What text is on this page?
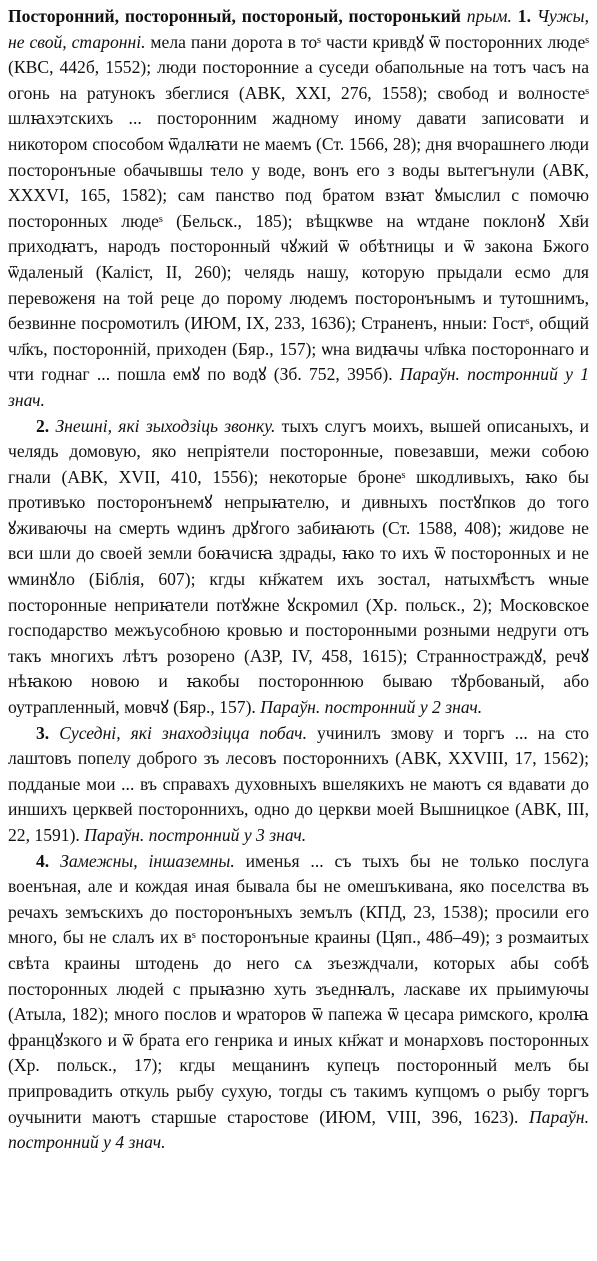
Посторонний, посторонный, постороный, посторонький прым. 1. Чужы, не свой, староннi. мела пани дорота в тоˢ части кривдꙋ ѿ посторонних людеˢ (КВС, 442б, 1552); люди посторонние а суседи обапольные на тотъ часъ на огонь на ратунокъ збеглися (АВК, XXI, 276, 1558); свобод и волностеˢ шлꙗхэтскихъ ... посторонним жадному иному давати записовати и никотором способом ѿдалꙗти не маемъ (Ст. 1566, 28); дня вчорашнего люди посторонъные обачывшы тело у воде, вонъ его з воды вытегънули (АВК, XXXVI, 165, 1582); сам панство под братом взꙗт ꙋмыслил с помочю посторонных людеˢ (Бельск., 185); вѣщкѡве на ѡтдане поклонꙋ Хв҃и приходꙗтъ, народъ посторонный чꙋжий ѿ обѣтницы и ѿ закона Бжого ѿдаленый (Калiст, II, 260); челядь нашу, которую прыдали есмо для перевоженя на той реце до порому людемъ посторонънымъ и тутошнимъ, безвинне посромотилъ (ИЮМ, IX, 233, 1636); Страненъ, нныи: Гостˢ, общий чл҃къ, посторонній, приходен (Бяр., 157); ѡна видꙗчы чл҃вка постороннаго и чти годнаг ... пошла емꙋ по водꙋ (Зб. 752, 395б). Параўн. постронний у 1 знач.

2. Знешнi, якi зыходзiць звонку. тыхъ слугъ моихъ, вышей описаныхъ, и челядь домовую, яко непрiятели посторонные, повезавши, межи собою гнали (АВК, XVII, 410, 1556); некоторые бронеˢ шкодливыхъ, ꙗко бы противъко посторонънемꙋ непрыꙗтелю, и дивныхъ постꙋпков до того ꙋживаючы на смерть ѡдинъ дрꙋгого забиꙗють (Ст. 1588, 408); жидове не вси шли до своей земли боꙗчисꙗ здрады, ꙗко то ихъ ѿ посторонных и не ѡминꙋло (Бiблiя, 607); кгды кн҃жатем ихъ зостал, натыхм҃ѣстъ ѡные посторонные неприꙗтели потꙋжне ꙋскромил (Хр. польск., 2); Московское господарство межъусобною кровью и посторонными розными недруги отъ такъ многихъ лѣтъ розорено (АЗР, IV, 458, 1615); Странностраждꙋ, речꙋ нѣꙗкою новою и ꙗкобы постороннюю бываю тꙋрбованый, або оутрапленный, мовчꙋ (Бяр., 157). Параўн. постронний у 2 знач.

3. Суседнi, якi знаходзiцца побач. учинилъ змову и торгъ ... на сто лаштовъ попелу доброго зъ лесовъ постороннихъ (АВК, XXVIII, 17, 1562); подданые мои ... въ справахъ духовныхъ вшелякихъ не маютъ ся вдавати до иншихъ церквей постороннихъ, одно до церкви моей Вышницкое (АВК, III, 22, 1591). Параўн. постронний у 3 знач.

4. Замежны, iншаземны. именья ... съ тыхъ бы не только послуга военъная, але и кождая иная бывала бы не омешъкивана, яко поселства въ речахъ земъскихъ до посторонъныхъ земълъ (КПД, 23, 1538); просили его много, бы не слалъ их вˢ посторонъные краины (Цяп., 48б–49); з розмаитых свѣта краины штодень до него сѧ зъезждчали, которых абы собѣ посторонных людей с прыꙗзню хуть зъеднꙗлъ, ласкаве их прыимуючы (Атыла, 182); много послов и ѡраторов ѿ папежа ѿ цесара римского, кролꙗ францꙋзкого и ѿ брата его генрика и иных кн҃жат и монарховъ посторонных (Хр. польск., 17); кгды мещанинъ купецъ посторонный мелъ бы припровадить откуль рыбу сухую, тогды съ такимъ купцомъ о рыбу торгъ оучынити маютъ старшые старостове (ИЮМ, VIII, 396, 1623). Параўн. постронний у 4 знач.
